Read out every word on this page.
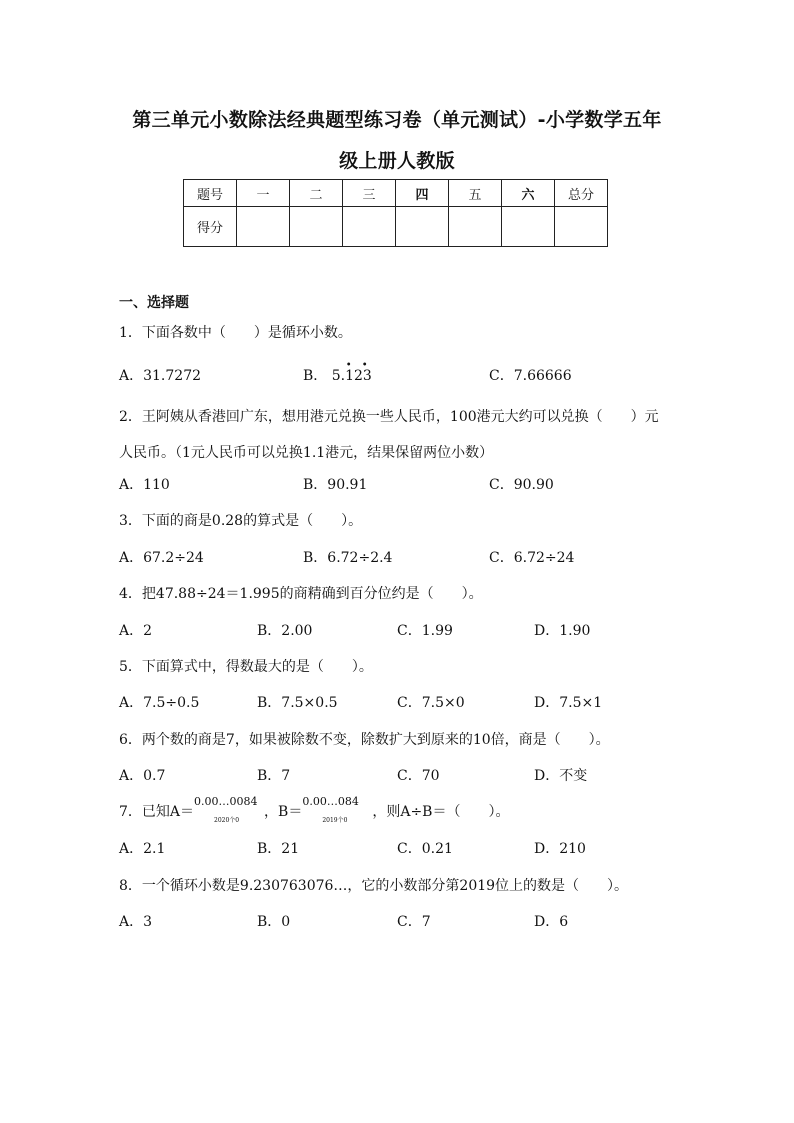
第三单元小数除法经典题型练习卷（单元测试）-小学数学五年
级上册人教版
题号	一	二	三	四	五	六	总分
得分							
一、选择题
1．下面各数中（　　）是循环小数。
A．31.7272	B． 5.123
• •
C．7.66666
2．王阿姨从香港回广东，想用港元兑换一些人民币，100港元大约可以兑换（　　）元
人民币。（1元人民币可以兑换1.1港元，结果保留两位小数）
A．110	B．90.91	C．90.90
3．下面的商是0.28的算式是（　　）。
A．67.2÷24	B．6.72÷2.4	C．6.72÷24
4．把47.88÷24＝1.995的商精确到百分位约是（　　）。
A．2	B．2.00	C．1.99	D．1.90
5．下面算式中，得数最大的是（　　）。
A．7.5÷0.5	B．7.5×0.5	C．7.5×0	D．7.5×1
6．两个数的商是7，如果被除数不变，除数扩大到原来的10倍，商是（　　）。
A．0.7	B．7	C．70	D．不变
7．已知A＝
0.00…0084
2020个0
，B＝
0.00…084
2019个0
，则A÷B＝（　　）。
A．2.1	B．21	C．0.21	D．210
8．一个循环小数是9.230763076…，它的小数部分第2019位上的数是（　　）。
A．3	B．0	C．7	D．6
